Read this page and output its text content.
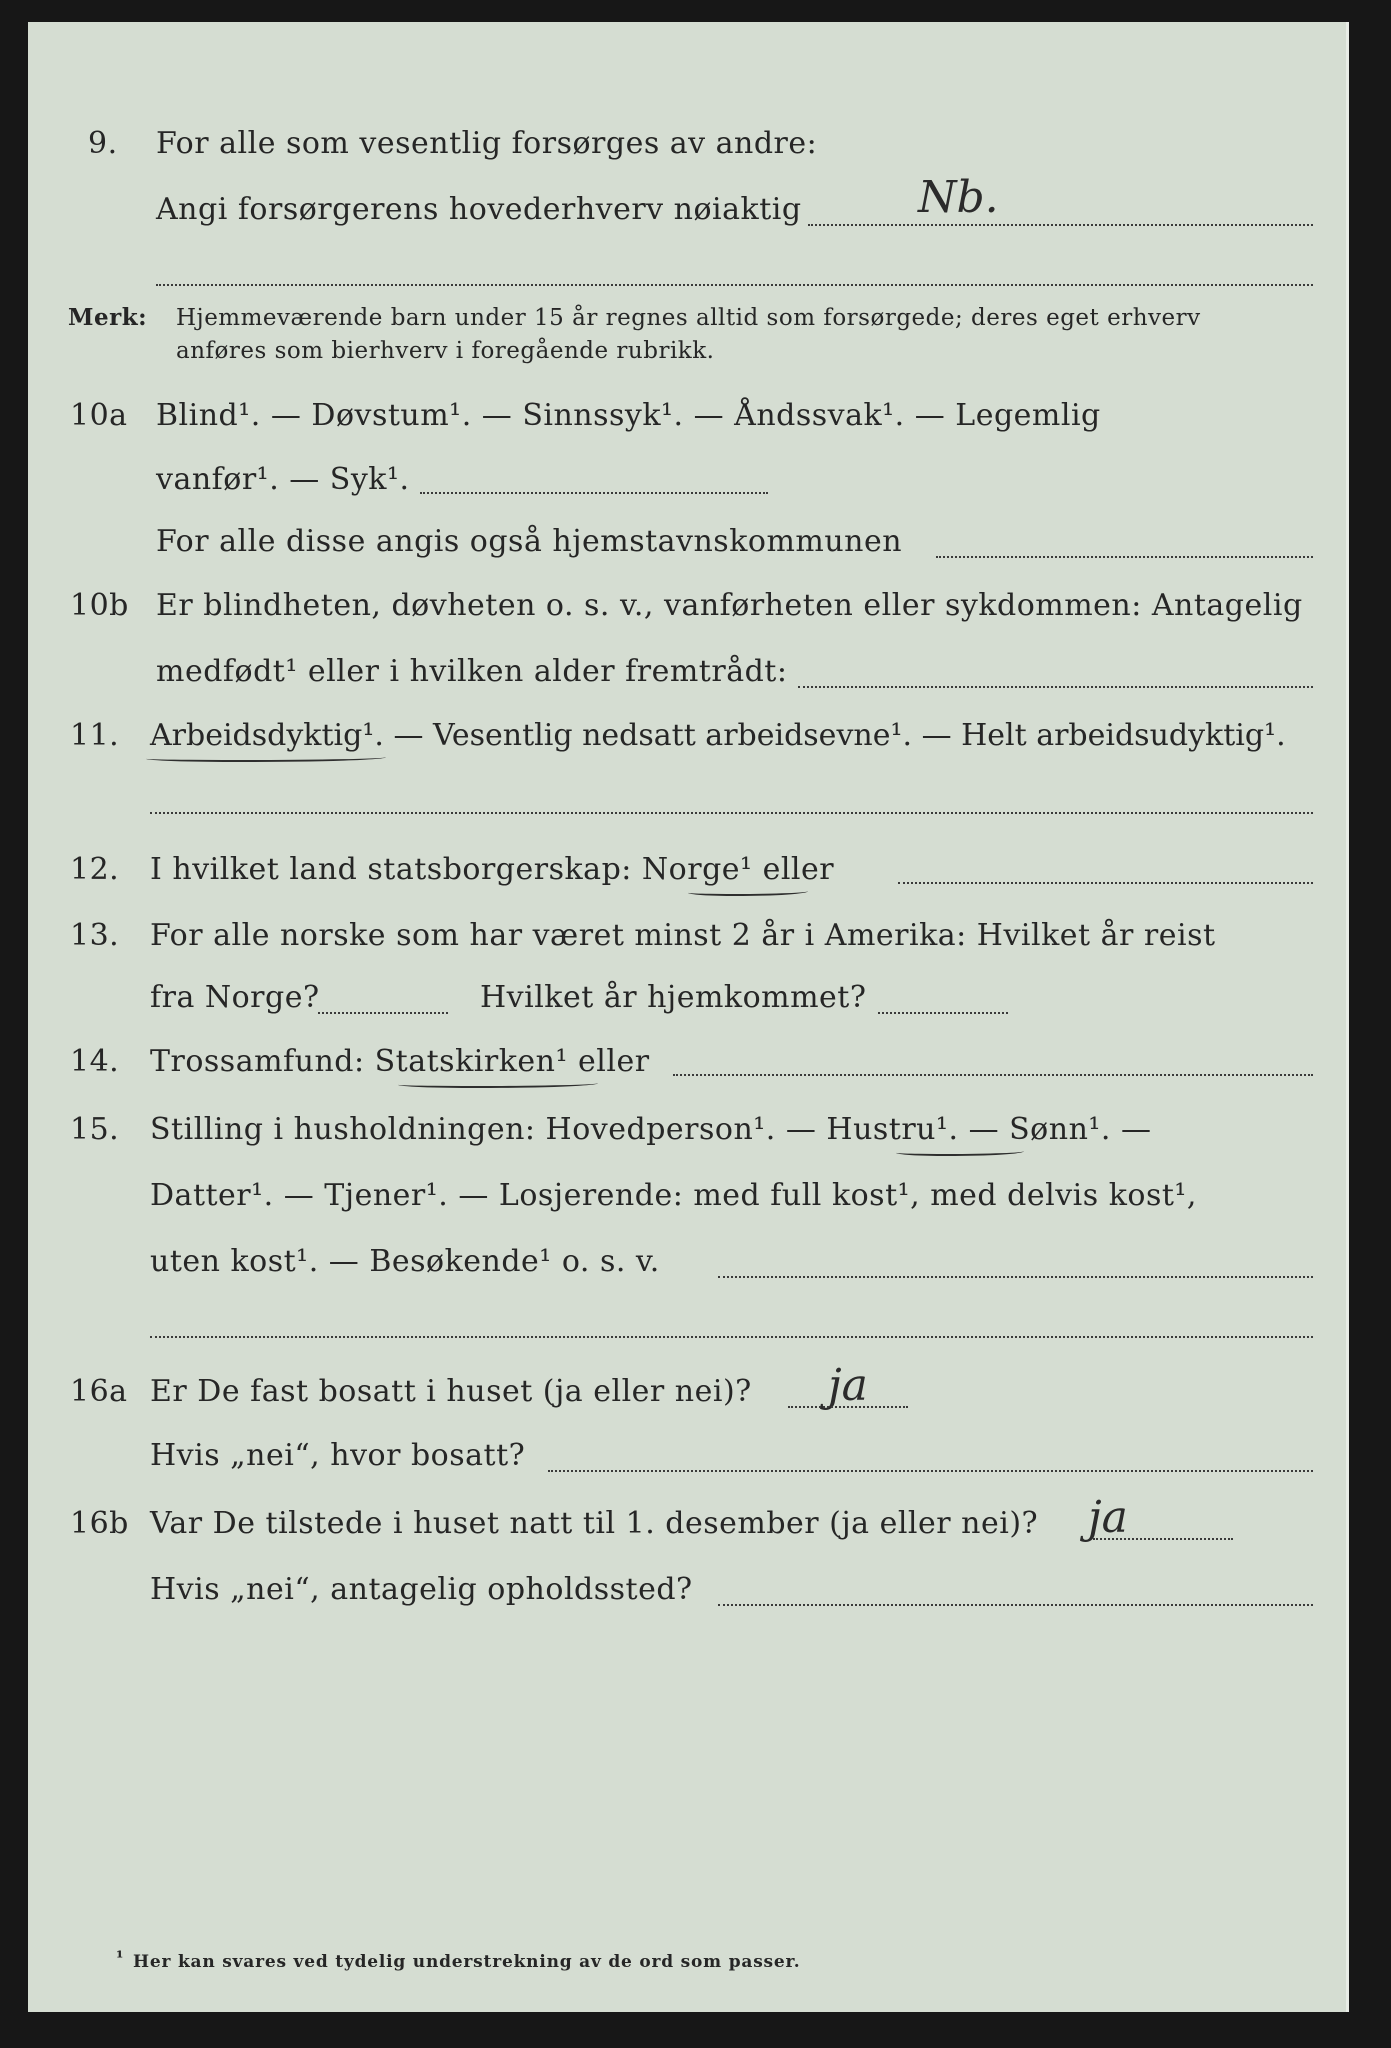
9. For alle som vesentlig forsørges av andre:
Angi forsørgerens hovederhverv nøiaktig	Nb.
Merk: Hjemmeværende barn under 15 år regnes alltid som forsørgede; deres eget erhverv
anføres som bierhverv i foregående rubrikk.
10a Blind¹. — Døvstum¹. — Sinnssyk¹. — Åndssvak¹. — Legemlig
vanfør¹. — Syk¹.
For alle disse angis også hjemstavnskommunen
10b Er blindheten, døvheten o. s. v., vanførheten eller sykdommen: Antagelig
medfødt¹ eller i hvilken alder fremtrådt:
11. Arbeidsdyktig¹. — Vesentlig nedsatt arbeidsevne¹. — Helt arbeidsudyktig¹.
12. I hvilket land statsborgerskap: Norge¹ eller
13. For alle norske som har været minst 2 år i Amerika: Hvilket år reist
fra Norge?	Hvilket år hjemkommet?
14. Trossamfund: Statskirken¹ eller
15. Stilling i husholdningen: Hovedperson¹. — Hustru¹. — Sønn¹. —
Datter¹. — Tjener¹. — Losjerende: med full kost¹, med delvis kost¹,
uten kost¹. — Besøkende¹ o. s. v.
16a Er De fast bosatt i huset (ja eller nei)? ja
Hvis „nei“, hvor bosatt?
16b Var De tilstede i huset natt til 1. desember (ja eller nei)? ja
Hvis „nei“, antagelig opholdssted?
¹ Her kan svares ved tydelig understrekning av de ord som passer.
